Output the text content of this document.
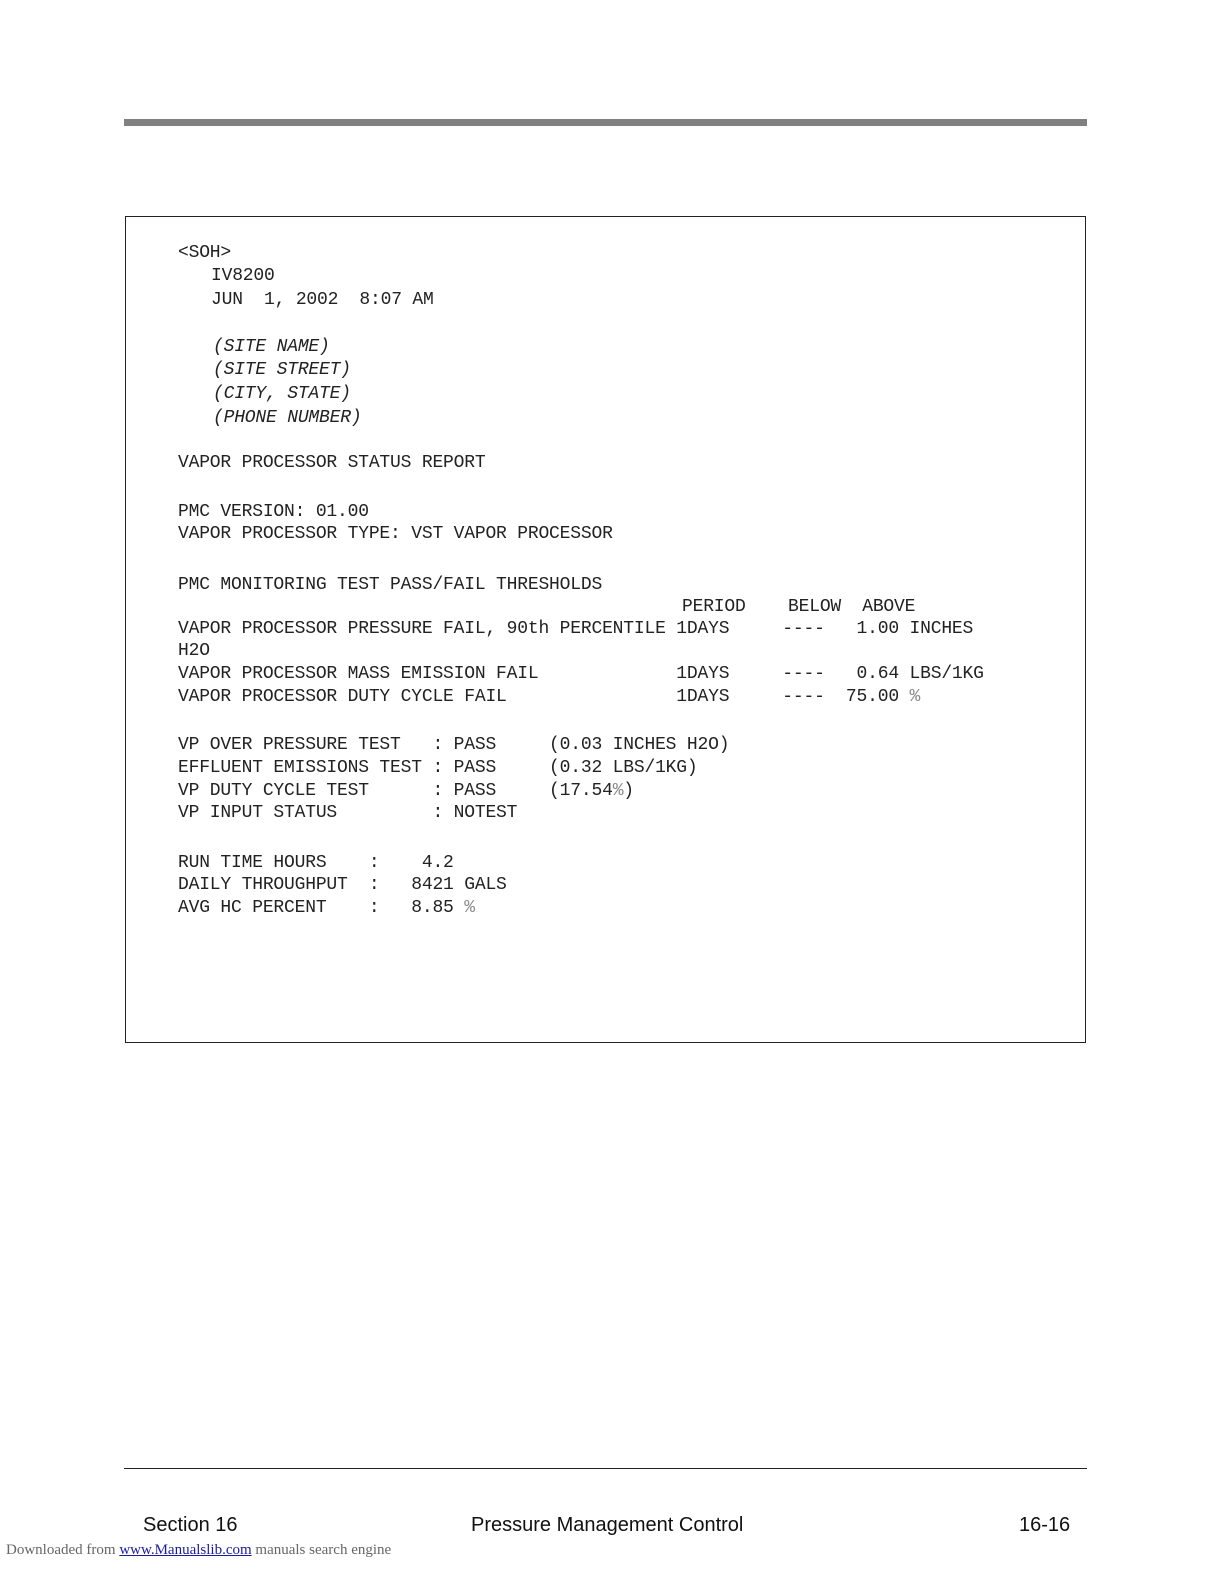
<SOH>
IV8200
JUN  1, 2002  8:07 AM
(SITE NAME)
(SITE STREET)
(CITY, STATE)
(PHONE NUMBER)
VAPOR PROCESSOR STATUS REPORT
PMC VERSION: 01.00
VAPOR PROCESSOR TYPE: VST VAPOR PROCESSOR
PMC MONITORING TEST PASS/FAIL THRESHOLDS
PERIOD    BELOW  ABOVE
VAPOR PROCESSOR PRESSURE FAIL, 90th PERCENTILE 1DAYS     ----   1.00 INCHES
H2O
VAPOR PROCESSOR MASS EMISSION FAIL             1DAYS     ----   0.64 LBS/1KG
VAPOR PROCESSOR DUTY CYCLE FAIL                1DAYS     ----  75.00 %
VP OVER PRESSURE TEST   : PASS     (0.03 INCHES H2O)
EFFLUENT EMISSIONS TEST : PASS     (0.32 LBS/1KG)
VP DUTY CYCLE TEST      : PASS     (17.54%)
VP INPUT STATUS         : NOTEST
RUN TIME HOURS    :    4.2
DAILY THROUGHPUT  :   8421 GALS
AVG HC PERCENT    :   8.85 %
Section 16	Pressure Management Control	16-16
Downloaded from www.Manualslib.com manuals search engine
